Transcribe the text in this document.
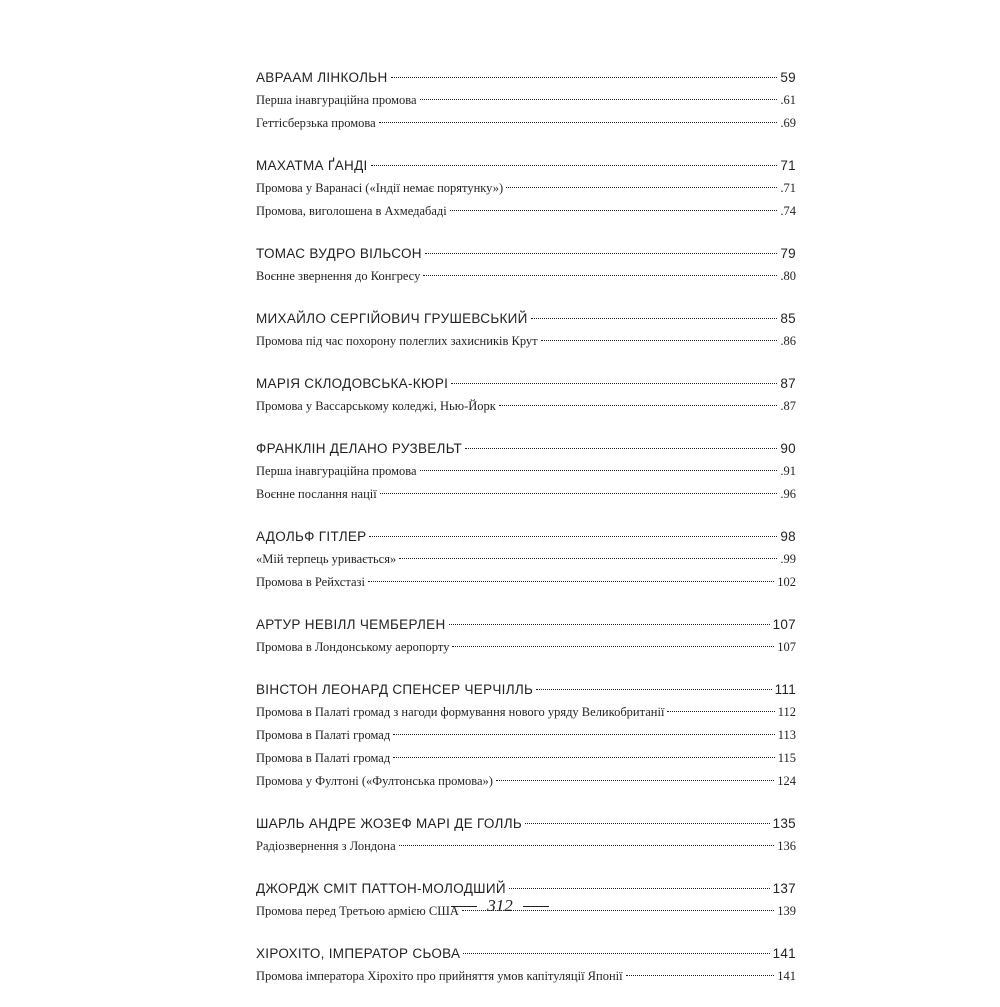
АВРААМ ЛІНКОЛЬН	59
Перша інавгураційна промова	.61
Геттісберзька промова	.69
МАХАТМА ҐАНДІ	71
Промова у Варанасі («Індії немає порятунку»)	.71
Промова, виголошена в Ахмедабаді	.74
ТОМАС ВУДРО ВІЛЬСОН	79
Воєнне звернення до Конгресу	.80
МИХАЙЛО СЕРГІЙОВИЧ ГРУШЕВСЬКИЙ	85
Промова під час похорону полеглих захисників Крут	.86
МАРІЯ СКЛОДОВСЬКА-КЮРІ	87
Промова у Вассарському коледжі, Нью-Йорк	.87
ФРАНКЛІН ДЕЛАНО РУЗВЕЛЬТ	90
Перша інавгураційна промова	.91
Воєнне послання нації	.96
АДОЛЬФ ГІТЛЕР	98
«Мій терпець уривається»	.99
Промова в Рейхстазі	102
АРТУР НЕВІЛЛ ЧЕМБЕРЛЕН	107
Промова в Лондонському аеропорту	107
ВІНСТОН ЛЕОНАРД СПЕНСЕР ЧЕРЧІЛЛЬ	111
Промова в Палаті громад з нагоди формування нового уряду Великобританії	112
Промова в Палаті громад	113
Промова в Палаті громад	115
Промова у Фултоні («Фултонська промова»)	124
ШАРЛЬ АНДРЕ ЖОЗЕФ МАРІ ДЕ ГОЛЛЬ	135
Радіозвернення з Лондона	136
ДЖОРДЖ СМІТ ПАТТОН-МОЛОДШИЙ	137
Промова перед Третьою армією США	139
ХІРОХІТО, ІМПЕРАТОР СЬОВА	141
Промова імператора Хірохіто про прийняття умов капітуляції Японії	141
312
